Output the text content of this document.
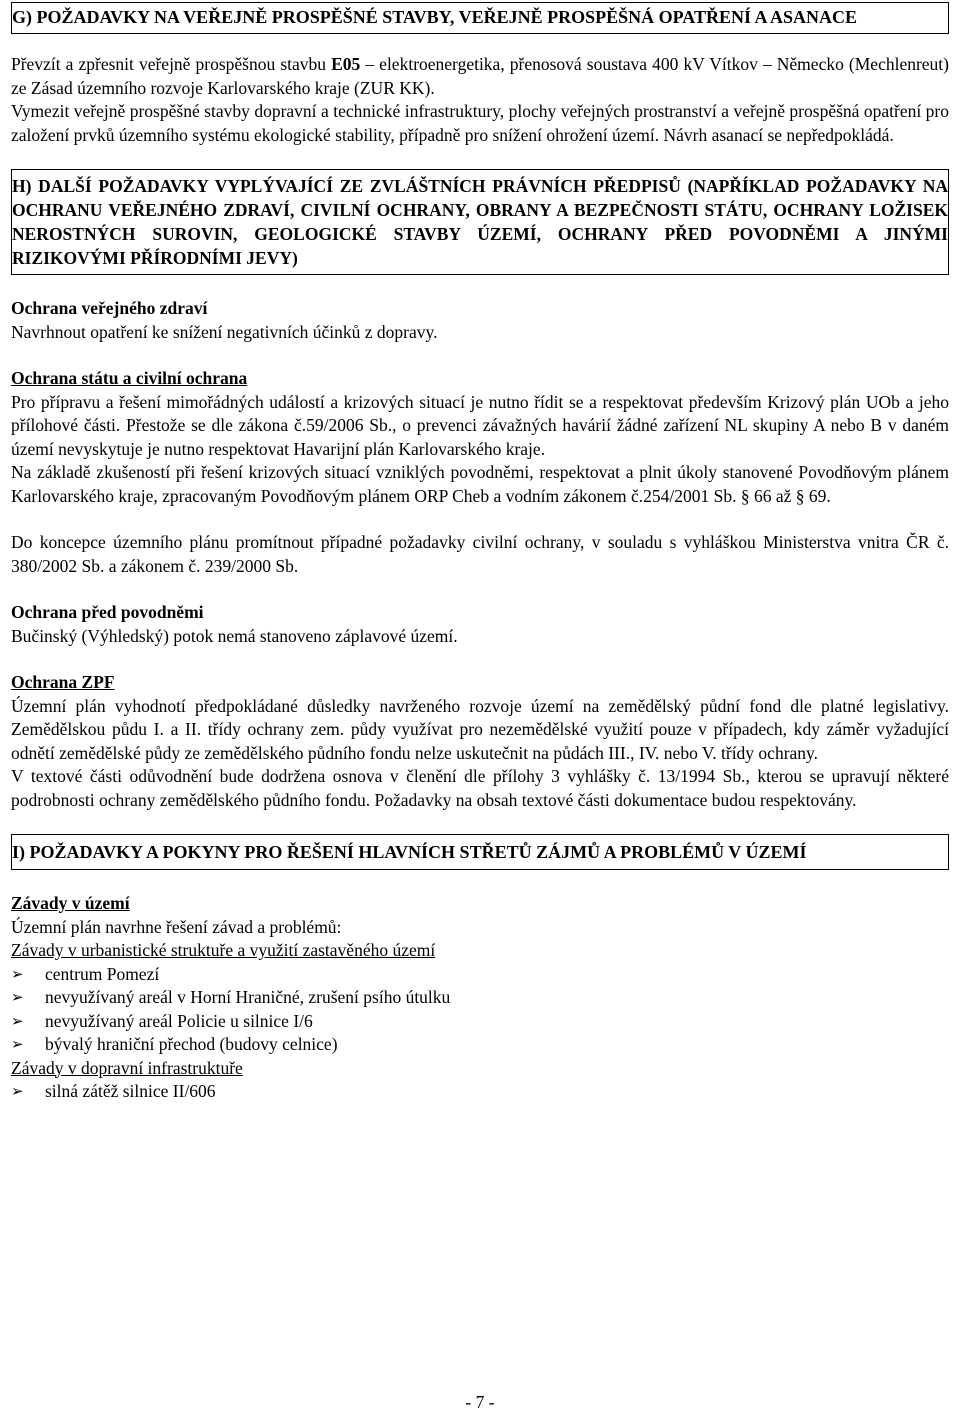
G) POŽADAVKY NA VEŘEJNĚ PROSPĚŠNÉ STAVBY, VEŘEJNĚ PROSPĚŠNÁ OPATŘENÍ A ASANACE

Převzít a zpřesnit veřejně prospěšnou stavbu E05 – elektroenergetika, přenosová soustava 400 kV Vítkov – Německo (Mechlenreut) ze Zásad územního rozvoje Karlovarského kraje (ZUR KK).

Vymezit veřejně prospěšné stavby dopravní a technické infrastruktury, plochy veřejných prostranství a veřejně prospěšná opatření pro založení prvků územního systému ekologické stability, případně pro snížení ohrožení území. Návrh asanací se nepředpokládá.

H) DALŠÍ POŽADAVKY VYPLÝVAJÍCÍ ZE ZVLÁŠTNÍCH PRÁVNÍCH PŘEDPISŮ (NAPŘÍKLAD POŽADAVKY NA OCHRANU VEŘEJNÉHO ZDRAVÍ, CIVILNÍ OCHRANY, OBRANY A BEZPEČNOSTI STÁTU, OCHRANY LOŽISEK NEROSTNÝCH SUROVIN, GEOLOGICKÉ STAVBY ÚZEMÍ, OCHRANY PŘED POVODNĚMI A JINÝMI RIZIKOVÝMI PŘÍRODNÍMI JEVY)

Ochrana veřejného zdraví

Navrhnout opatření ke snížení negativních účinků z dopravy.

Ochrana státu a civilní ochrana

Pro přípravu a řešení mimořádných událostí a krizových situací je nutno řídit se a respektovat především Krizový plán UOb a jeho přílohové části. Přestože se dle zákona č.59/2006 Sb., o prevenci závažných havárií žádné zařízení NL skupiny A nebo B v daném území nevyskytuje je nutno respektovat Havarijní plán Karlovarského kraje.

Na základě zkušeností při řešení krizových situací vzniklých povodněmi, respektovat a plnit úkoly stanovené Povodňovým plánem Karlovarského kraje, zpracovaným Povodňovým plánem ORP Cheb a vodním zákonem č.254/2001 Sb. § 66 až § 69.

Do koncepce územního plánu promítnout případné požadavky civilní ochrany, v souladu s vyhláškou Ministerstva vnitra ČR č. 380/2002 Sb. a zákonem č. 239/2000 Sb.

Ochrana před povodněmi

Bučinský (Výhledský) potok nemá stanoveno záplavové území.

Ochrana ZPF

Územní plán vyhodnotí předpokládané důsledky navrženého rozvoje území na zemědělský půdní fond dle platné legislativy. Zemědělskou půdu I. a II. třídy ochrany zem. půdy využívat pro nezemědělské využití pouze v případech, kdy záměr vyžadující odnětí zemědělské půdy ze zemědělského půdního fondu nelze uskutečnit na půdách III., IV. nebo V. třídy ochrany.

V textové části odůvodnění bude dodržena osnova v členění dle přílohy 3 vyhlášky č. 13/1994 Sb., kterou se upravují některé podrobnosti ochrany zemědělského půdního fondu. Požadavky na obsah textové části dokumentace budou respektovány.

I) POŽADAVKY A POKYNY PRO ŘEŠENÍ HLAVNÍCH STŘETŮ ZÁJMŮ A PROBLÉMŮ V ÚZEMÍ

Závady v území

Územní plán navrhne řešení závad a problémů:

Závady v urbanistické struktuře a využití zastavěného území

➢ centrum Pomezí
➢ nevyužívaný areál v Horní Hraničné, zrušení psího útulku
➢ nevyužívaný areál Policie u silnice I/6
➢ bývalý hraniční přechod (budovy celnice)

Závady v dopravní infrastruktuře

➢ silná zátěž silnice II/606
- 7 -
